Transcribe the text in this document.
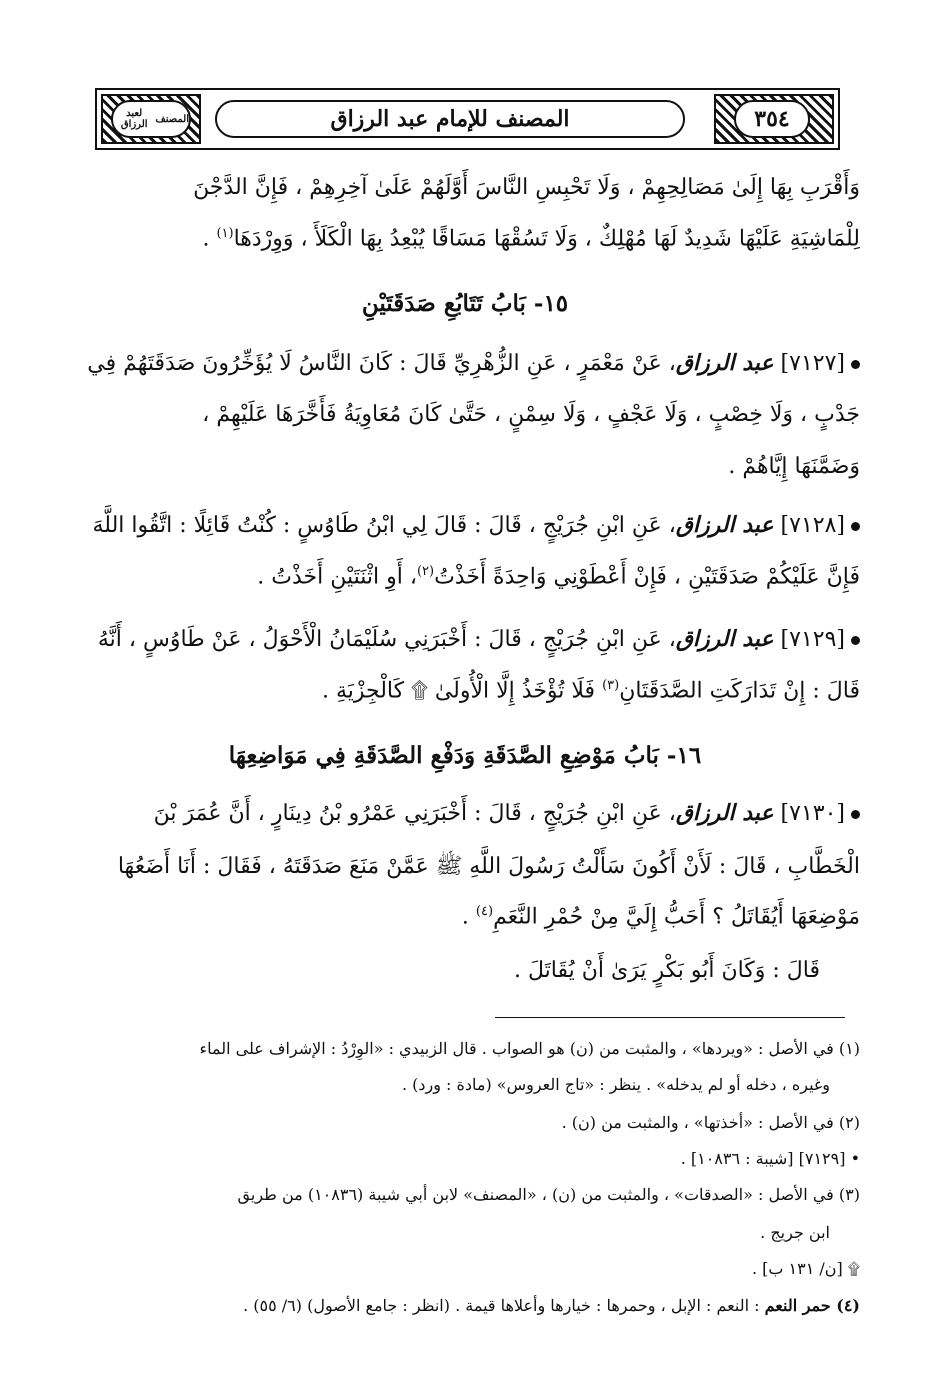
٣٥٤
المصنف للإمام عبد الرزاق
المصنف
لعبد الرزاق
وَأَقْرَبِ بِهَا إِلَىٰ مَصَالِحِهِمْ ، وَلَا تَحْبِسِ النَّاسَ أَوَّلَهُمْ عَلَىٰ آخِرِهِمْ ، فَإِنَّ الدَّجْنَ
لِلْمَاشِيَةِ عَلَيْهَا شَدِيدٌ لَهَا مُهْلِكٌ ، وَلَا تَسُقْهَا مَسَاقًا يُبْعِدُ بِهَا الْكَلَأَ ، وَوِرْدَهَا$^{(١)}$ .
١٥- بَابُ تَتَابُعِ صَدَقَتَيْنِ
[٧١٢٧] عبد الرزاق، عَنْ مَعْمَرٍ ، عَنِ الزُّهْرِيِّ قَالَ : كَانَ النَّاسُ لَا يُؤَخِّرُونَ صَدَقَتَهُمْ فِي
جَدْبٍ ، وَلَا خِصْبٍ ، وَلَا عَجْفٍ ، وَلَا سِمْنٍ ، حَتَّىٰ كَانَ مُعَاوِيَةُ فَأَخَّرَهَا عَلَيْهِمْ ،
وَضَمَّنَهَا إِيَّاهُمْ .
[٧١٢٨] عبد الرزاق، عَنِ ابْنِ جُرَيْجٍ ، قَالَ : قَالَ لِي ابْنُ طَاوُسٍ : كُنْتُ قَائِلًا : اتَّقُوا اللَّهَ
فَإِنَّ عَلَيْكُمْ صَدَقَتَيْنِ ، فَإِنْ أَعْطَوْنِي وَاحِدَةً أَخَذْتُ$^{(٢)}$، أَوِ اثْنَتَيْنِ أَخَذْتُ .
[٧١٢٩] عبد الرزاق، عَنِ ابْنِ جُرَيْجٍ ، قَالَ : أَخْبَرَنِي سُلَيْمَانُ الْأَحْوَلُ ، عَنْ طَاوُسٍ ، أَنَّهُ
قَالَ : إِنْ تَدَارَكَتِ الصَّدَقَتَانِ$^{(٣)}$ فَلَا تُؤْخَذُ إِلَّا الْأُولَىٰ ۩ كَالْجِزْيَةِ .
١٦- بَابُ مَوْضِعِ الصَّدَقَةِ وَدَفْعِ الصَّدَقَةِ فِي مَوَاضِعِهَا
[٧١٣٠] عبد الرزاق، عَنِ ابْنِ جُرَيْجٍ ، قَالَ : أَخْبَرَنِي عَمْرُو بْنُ دِينَارٍ ، أَنَّ عُمَرَ بْنَ
الْخَطَّابِ ، قَالَ : لَأَنْ أَكُونَ سَأَلْتُ رَسُولَ اللَّهِ ﷺ عَمَّنْ مَنَعَ صَدَقَتَهُ ، فَقَالَ : أَنَا أَضَعُهَا
مَوْضِعَهَا أَيُقَاتَلُ ؟ أَحَبُّ إِلَيَّ مِنْ حُمْرِ النَّعَمِ$^{(٤)}$ .
قَالَ : وَكَانَ أَبُو بَكْرٍ يَرَىٰ أَنْ يُقَاتَلَ .
(١) في الأصل : «ويردها» ، والمثبت من (ن) هو الصواب . قال الزبيدي : «الوِرْدُ : الإشراف على الماء
وغيره ، دخله أو لم يدخله» . ينظر : «تاج العروس» (مادة : ورد) .
(٢) في الأصل : «أخذتها» ، والمثبت من (ن) .
• [٧١٢٩] [شيبة : ١٠٨٣٦] .
(٣) في الأصل : «الصدقات» ، والمثبت من (ن) ، «المصنف» لابن أبي شيبة (١٠٨٣٦) من طريق
ابن جريج .
۩ [ن/ ١٣١ ب] .
(٤) حمر النعم : النعم : الإبل ، وحمرها : خيارها وأعلاها قيمة . (انظر : جامع الأصول) (٦/ ٥٥) .
